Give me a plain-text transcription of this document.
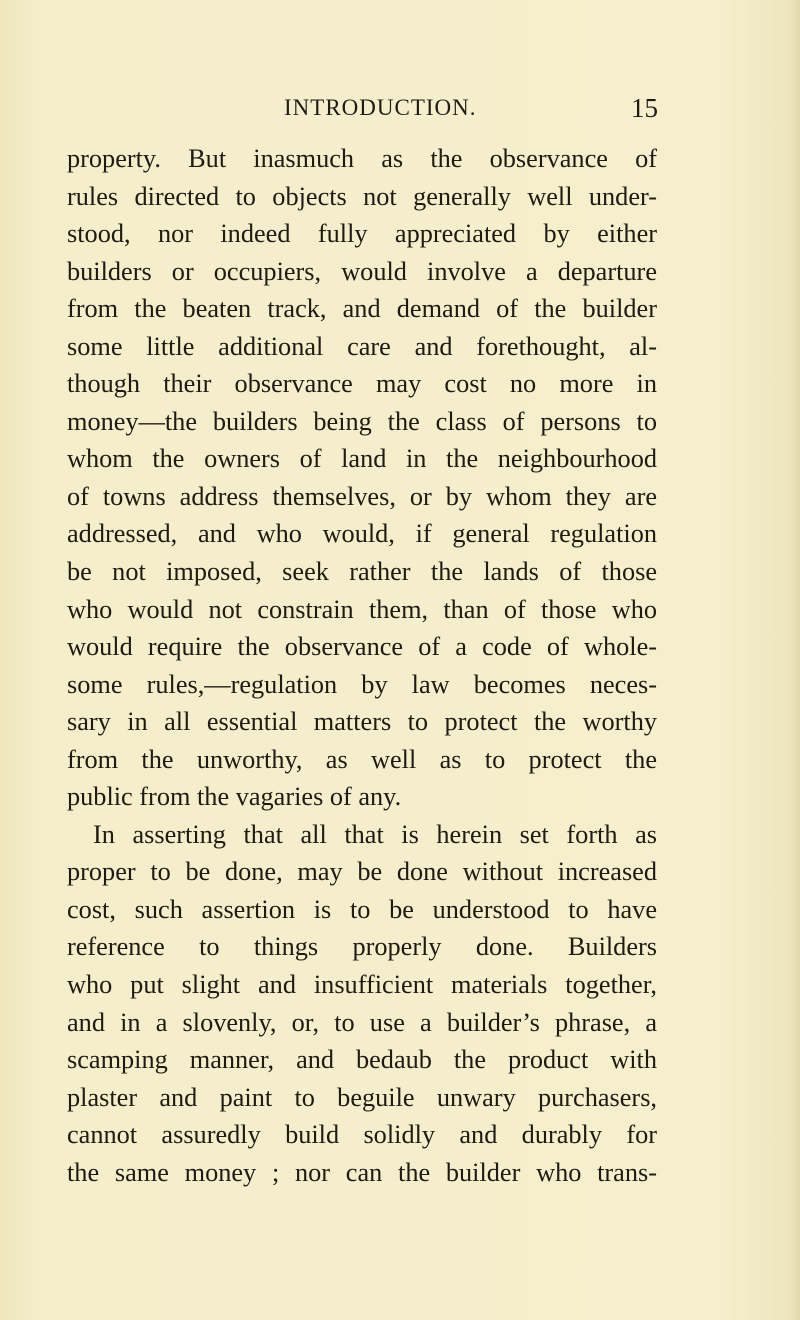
INTRODUCTION.	15
property. But inasmuch as the observance of
rules directed to objects not generally well under-
stood, nor indeed fully appreciated by either
builders or occupiers, would involve a departure
from the beaten track, and demand of the builder
some little additional care and forethought, al-
though their observance may cost no more in
money—the builders being the class of persons to
whom the owners of land in the neighbourhood
of towns address themselves, or by whom they are
addressed, and who would, if general regulation
be not imposed, seek rather the lands of those
who would not constrain them, than of those who
would require the observance of a code of whole-
some rules,—regulation by law becomes neces-
sary in all essential matters to protect the worthy
from the unworthy, as well as to protect the
public from the vagaries of any.
In asserting that all that is herein set forth as
proper to be done, may be done without increased
cost, such assertion is to be understood to have
reference to things properly done. Builders
who put slight and insufficient materials together,
and in a slovenly, or, to use a builder’s phrase, a
scamping manner, and bedaub the product with
plaster and paint to beguile unwary purchasers,
cannot assuredly build solidly and durably for
the same money ; nor can the builder who trans-
